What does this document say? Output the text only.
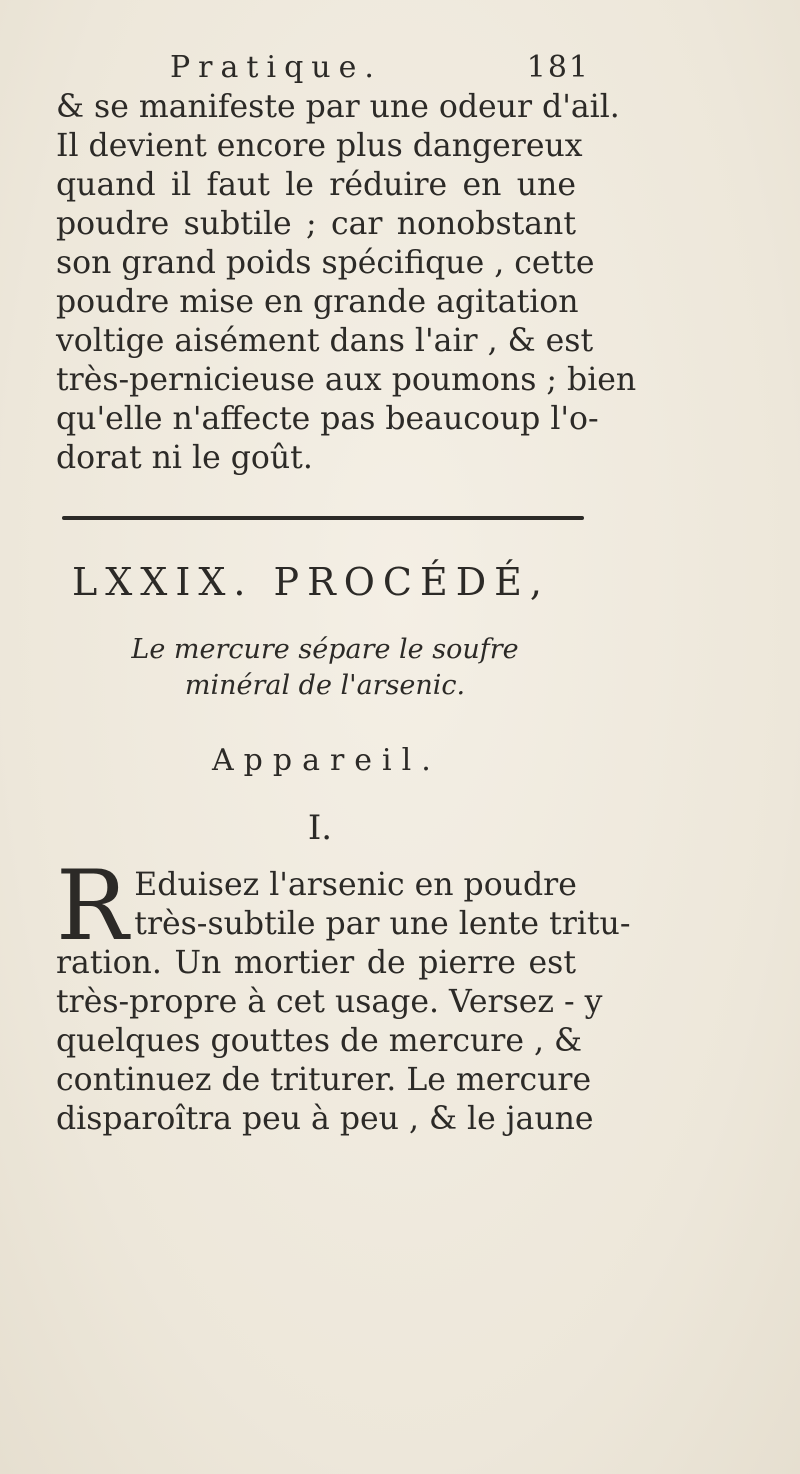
Pratique.	181
& se manifeste par une odeur d'ail.
Il devient encore plus dangereux
quand il faut le réduire en une
poudre subtile ; car nonobstant
son grand poids spécifique , cette
poudre mise en grande agitation
voltige aisément dans l'air , & est
très-pernicieuse aux poumons ; bien
qu'elle n'affecte pas beaucoup l'o-
dorat ni le goût.
LXXIX. PROCÉDÉ,
Le mercure sépare le soufre minéral de l'arsenic.
Appareil.
I.
R Eduisez l'arsenic en poudre
très-subtile par une lente tritu-
ration. Un mortier de pierre est
très-propre à cet usage. Versez - y
quelques gouttes de mercure , &
continuez de triturer. Le mercure
disparoîtra peu à peu , & le jaune
